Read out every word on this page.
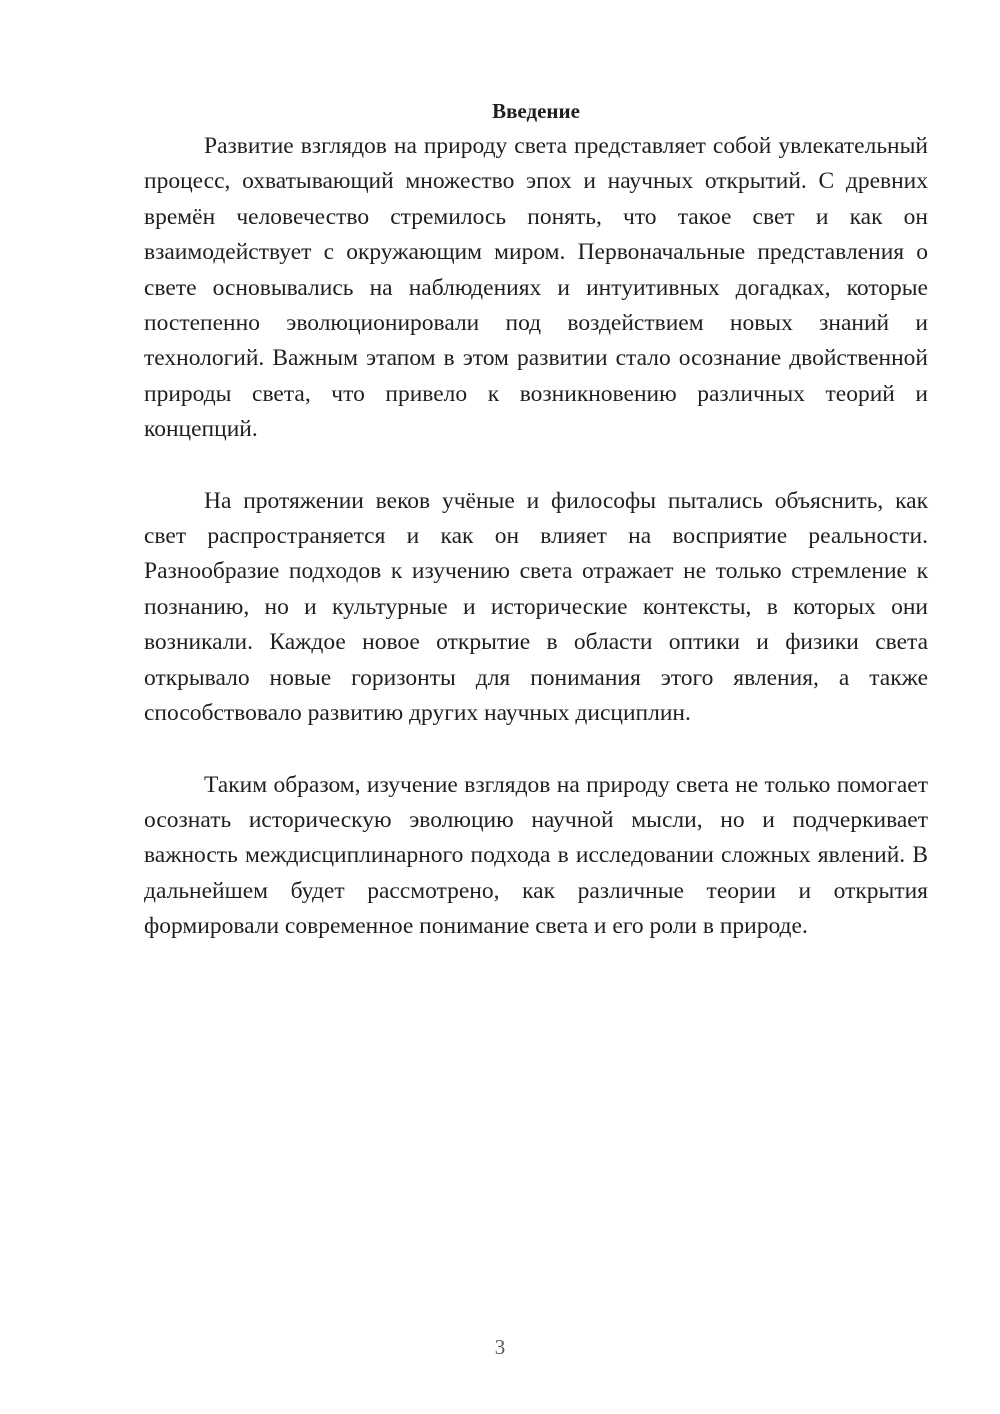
Введение

Развитие взглядов на природу света представляет собой увлекательный процесс, охватывающий множество эпох и научных открытий. С древних времён человечество стремилось понять, что такое свет и как он взаимодействует с окружающим миром. Первоначальные представления о свете основывались на наблюдениях и интуитивных догадках, которые постепенно эволюционировали под воздействием новых знаний и технологий. Важным этапом в этом развитии стало осознание двойственной природы света, что привело к возникновению различных теорий и концепций.

На протяжении веков учёные и философы пытались объяснить, как свет распространяется и как он влияет на восприятие реальности. Разнообразие подходов к изучению света отражает не только стремление к познанию, но и культурные и исторические контексты, в которых они возникали. Каждое новое открытие в области оптики и физики света открывало новые горизонты для понимания этого явления, а также способствовало развитию других научных дисциплин.

Таким образом, изучение взглядов на природу света не только помогает осознать историческую эволюцию научной мысли, но и подчеркивает важность междисциплинарного подхода в исследовании сложных явлений. В дальнейшем будет рассмотрено, как различные теории и открытия формировали современное понимание света и его роли в природе.

3
